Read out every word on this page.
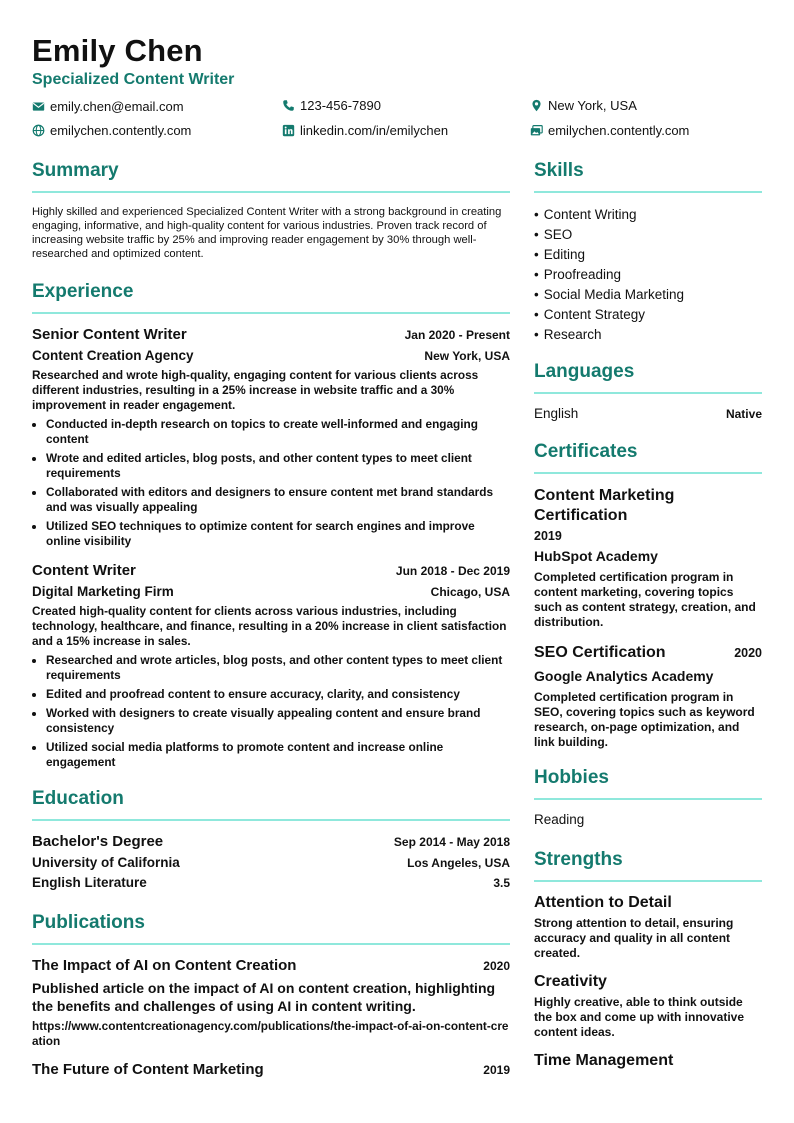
Emily Chen
Specialized Content Writer
emily.chen@email.com	123-456-7890	New York, USA
emilychen.contently.com	linkedin.com/in/emilychen	emilychen.contently.com
Summary
Highly skilled and experienced Specialized Content Writer with a strong background in creating engaging, informative, and high-quality content for various industries. Proven track record of increasing website traffic by 25% and improving reader engagement by 30% through well-researched and optimized content.
Experience
Senior Content Writer	Jan 2020 - Present
Content Creation Agency	New York, USA
Researched and wrote high-quality, engaging content for various clients across different industries, resulting in a 25% increase in website traffic and a 30% improvement in reader engagement.
• Conducted in-depth research on topics to create well-informed and engaging content
• Wrote and edited articles, blog posts, and other content types to meet client requirements
• Collaborated with editors and designers to ensure content met brand standards and was visually appealing
• Utilized SEO techniques to optimize content for search engines and improve online visibility
Content Writer	Jun 2018 - Dec 2019
Digital Marketing Firm	Chicago, USA
Created high-quality content for clients across various industries, including technology, healthcare, and finance, resulting in a 20% increase in client satisfaction and a 15% increase in sales.
• Researched and wrote articles, blog posts, and other content types to meet client requirements
• Edited and proofread content to ensure accuracy, clarity, and consistency
• Worked with designers to create visually appealing content and ensure brand consistency
• Utilized social media platforms to promote content and increase online engagement
Education
Bachelor's Degree	Sep 2014 - May 2018
University of California	Los Angeles, USA
English Literature	3.5
Publications
The Impact of AI on Content Creation	2020
Published article on the impact of AI on content creation, highlighting the benefits and challenges of using AI in content writing.
https://www.contentcreationagency.com/publications/the-impact-of-ai-on-content-creation
The Future of Content Marketing	2019
Skills
• Content Writing
• SEO
• Editing
• Proofreading
• Social Media Marketing
• Content Strategy
• Research
Languages
English	Native
Certificates
Content Marketing Certification
2019
HubSpot Academy
Completed certification program in content marketing, covering topics such as content strategy, creation, and distribution.
SEO Certification	2020
Google Analytics Academy
Completed certification program in SEO, covering topics such as keyword research, on-page optimization, and link building.
Hobbies
Reading
Strengths
Attention to Detail
Strong attention to detail, ensuring accuracy and quality in all content created.
Creativity
Highly creative, able to think outside the box and come up with innovative content ideas.
Time Management
